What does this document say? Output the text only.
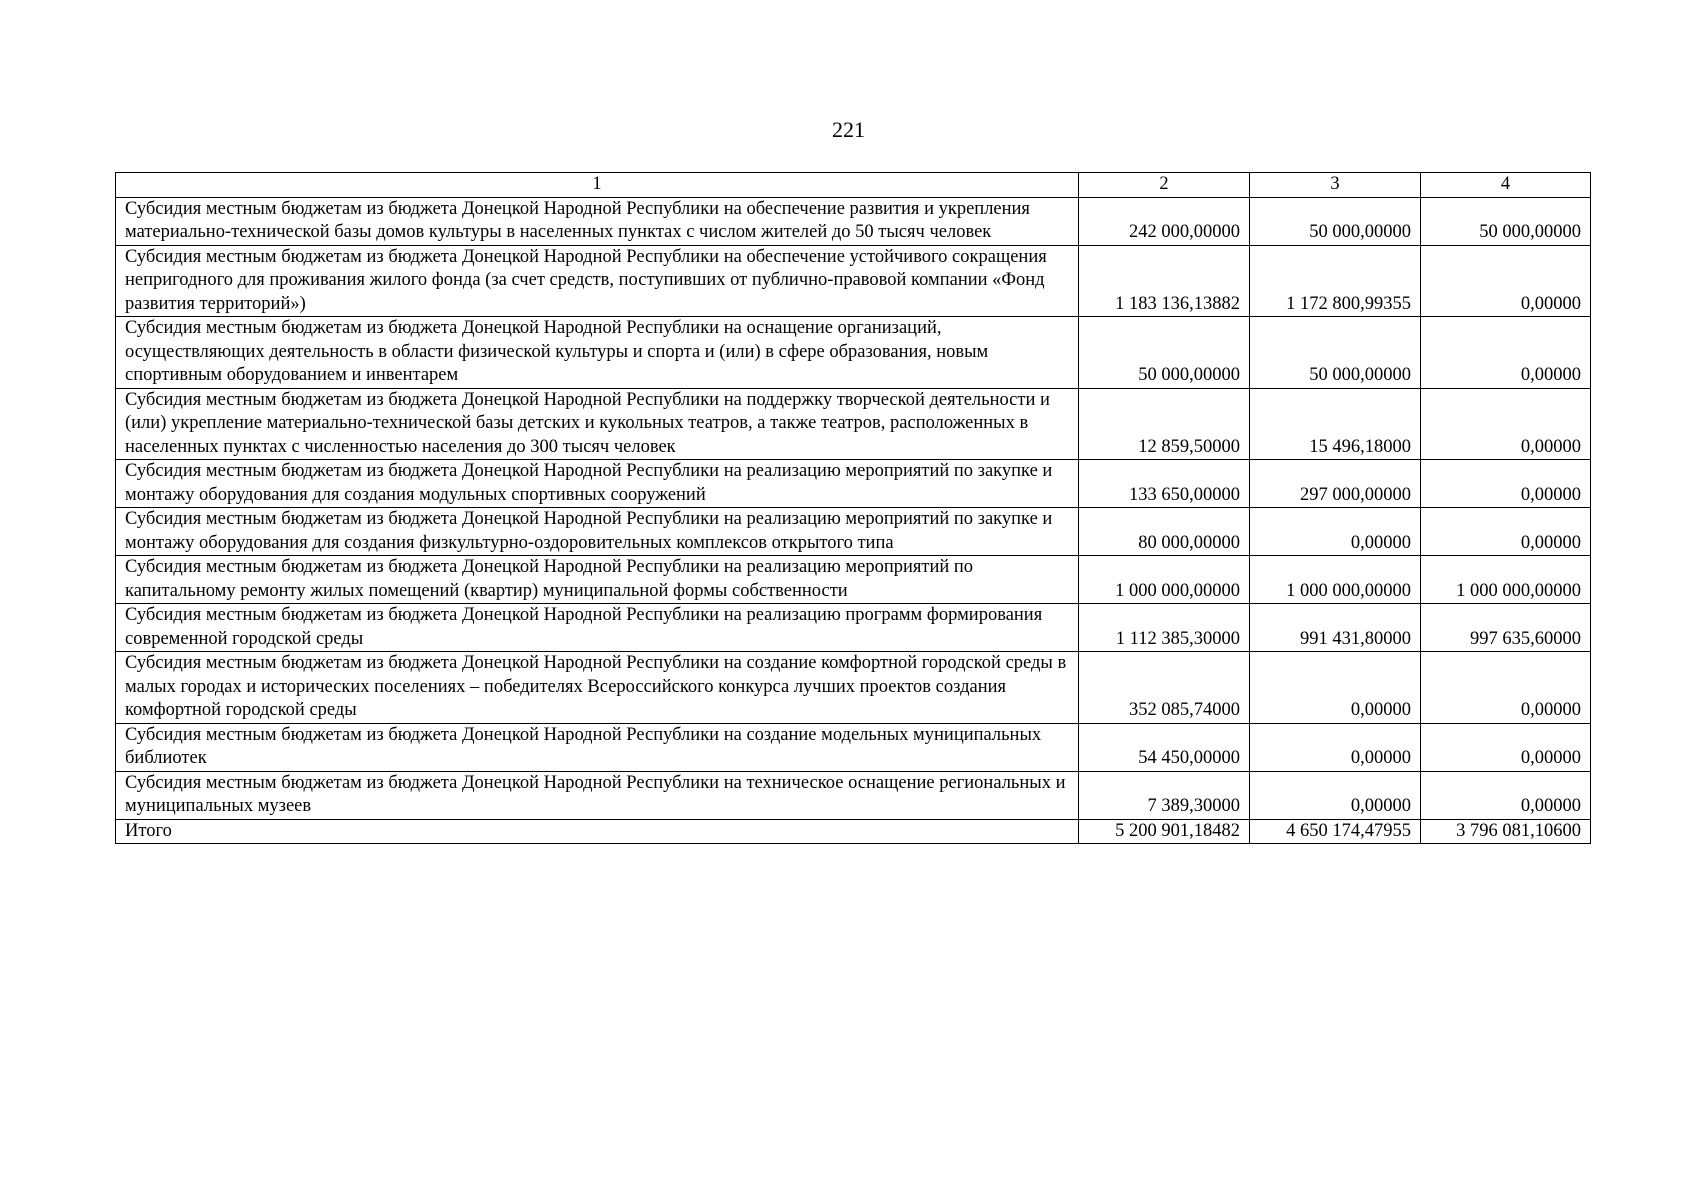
221
1	2	3	4
Субсидия местным бюджетам из бюджета Донецкой Народной Республики на обеспечение развития и укрепления материально-технической базы домов культуры в населенных пунктах с числом жителей до 50 тысяч человек	242 000,00000	50 000,00000	50 000,00000
Субсидия местным бюджетам из бюджета Донецкой Народной Республики на обеспечение устойчивого сокращения непригодного для проживания жилого фонда (за счет средств, поступивших от публично-правовой компании «Фонд развития территорий»)	1 183 136,13882	1 172 800,99355	0,00000
Субсидия местным бюджетам из бюджета Донецкой Народной Республики на оснащение организаций, осуществляющих деятельность в области физической культуры и спорта и (или) в сфере образования, новым спортивным оборудованием и инвентарем	50 000,00000	50 000,00000	0,00000
Субсидия местным бюджетам из бюджета Донецкой Народной Республики на поддержку творческой деятельности и (или) укрепление материально-технической базы детских и кукольных театров, а также театров, расположенных в населенных пунктах с численностью населения до 300 тысяч человек	12 859,50000	15 496,18000	0,00000
Субсидия местным бюджетам из бюджета Донецкой Народной Республики на реализацию мероприятий по закупке и монтажу оборудования для создания модульных спортивных сооружений	133 650,00000	297 000,00000	0,00000
Субсидия местным бюджетам из бюджета Донецкой Народной Республики на реализацию мероприятий по закупке и монтажу оборудования для создания физкультурно-оздоровительных комплексов открытого типа	80 000,00000	0,00000	0,00000
Субсидия местным бюджетам из бюджета Донецкой Народной Республики на реализацию мероприятий по капитальному ремонту жилых помещений (квартир) муниципальной формы собственности	1 000 000,00000	1 000 000,00000	1 000 000,00000
Субсидия местным бюджетам из бюджета Донецкой Народной Республики на реализацию программ формирования современной городской среды	1 112 385,30000	991 431,80000	997 635,60000
Субсидия местным бюджетам из бюджета Донецкой Народной Республики на создание комфортной городской среды в малых городах и исторических поселениях – победителях Всероссийского конкурса лучших проектов создания комфортной городской среды	352 085,74000	0,00000	0,00000
Субсидия местным бюджетам из бюджета Донецкой Народной Республики на создание модельных муниципальных библиотек	54 450,00000	0,00000	0,00000
Субсидия местным бюджетам из бюджета Донецкой Народной Республики на техническое оснащение региональных и муниципальных музеев	7 389,30000	0,00000	0,00000
Итого	5 200 901,18482	4 650 174,47955	3 796 081,10600
